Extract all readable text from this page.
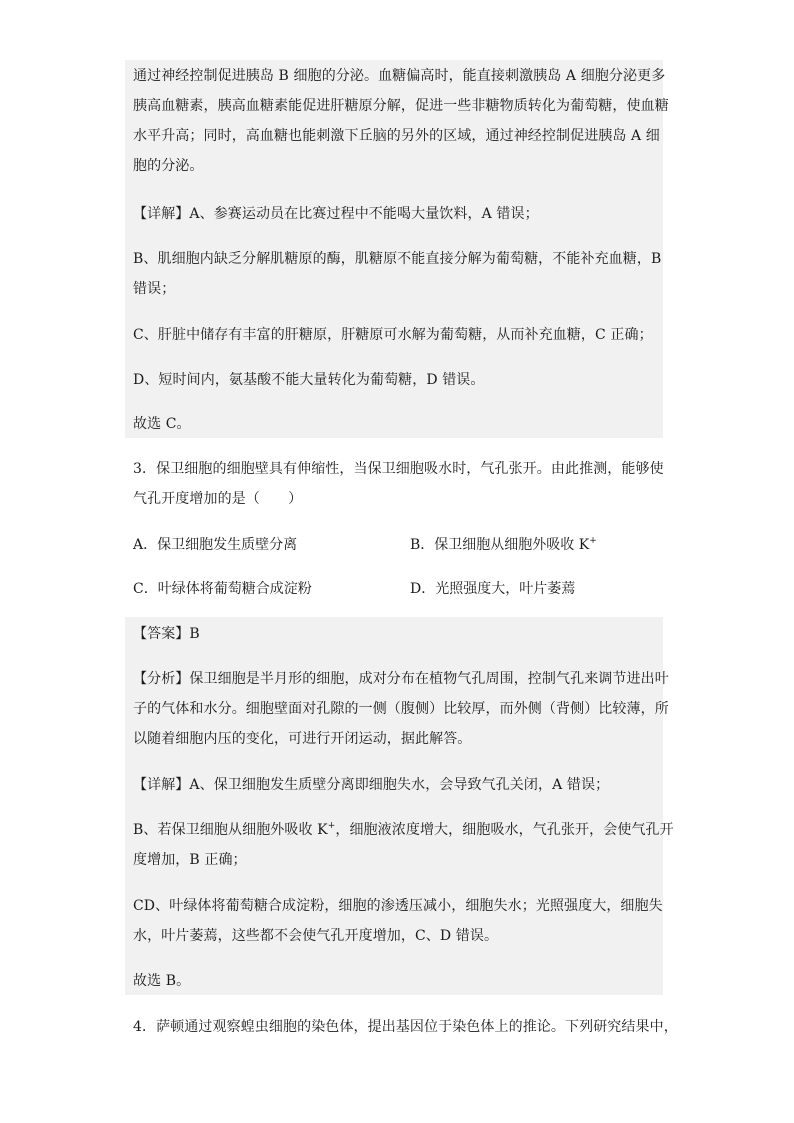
通过神经控制促进胰岛 B 细胞的分泌。血糖偏高时，能直接刺激胰岛 A 细胞分泌更多
胰高血糖素，胰高血糖素能促进肝糖原分解，促进一些非糖物质转化为葡萄糖，使血糖
水平升高；同时，高血糖也能刺激下丘脑的另外的区域，通过神经控制促进胰岛 A 细
胞的分泌。
【详解】A、参赛运动员在比赛过程中不能喝大量饮料，A 错误；
B、肌细胞内缺乏分解肌糖原的酶，肌糖原不能直接分解为葡萄糖，不能补充血糖，B
错误；
C、肝脏中储存有丰富的肝糖原，肝糖原可水解为葡萄糖，从而补充血糖，C 正确；
D、短时间内，氨基酸不能大量转化为葡萄糖，D 错误。
故选 C。
3．保卫细胞的细胞壁具有伸缩性，当保卫细胞吸水时，气孔张开。由此推测，能够使
气孔开度增加的是（　　）
A．保卫细胞发生质壁分离	B．保卫细胞从细胞外吸收 K+
C．叶绿体将葡萄糖合成淀粉	D．光照强度大，叶片萎蔫
【答案】B
【分析】保卫细胞是半月形的细胞，成对分布在植物气孔周围，控制气孔来调节进出叶
子的气体和水分。细胞壁面对孔隙的一侧（腹侧）比较厚，而外侧（背侧）比较薄，所
以随着细胞内压的变化，可进行开闭运动，据此解答。
【详解】A、保卫细胞发生质壁分离即细胞失水，会导致气孔关闭，A 错误；
B、若保卫细胞从细胞外吸收 K+，细胞液浓度增大，细胞吸水，气孔张开，会使气孔开
度增加，B 正确；
CD、叶绿体将葡萄糖合成淀粉，细胞的渗透压减小，细胞失水；光照强度大，细胞失
水，叶片萎蔫，这些都不会使气孔开度增加，C、D 错误。
故选 B。
4．萨顿通过观察蝗虫细胞的染色体，提出基因位于染色体上的推论。下列研究结果中，
